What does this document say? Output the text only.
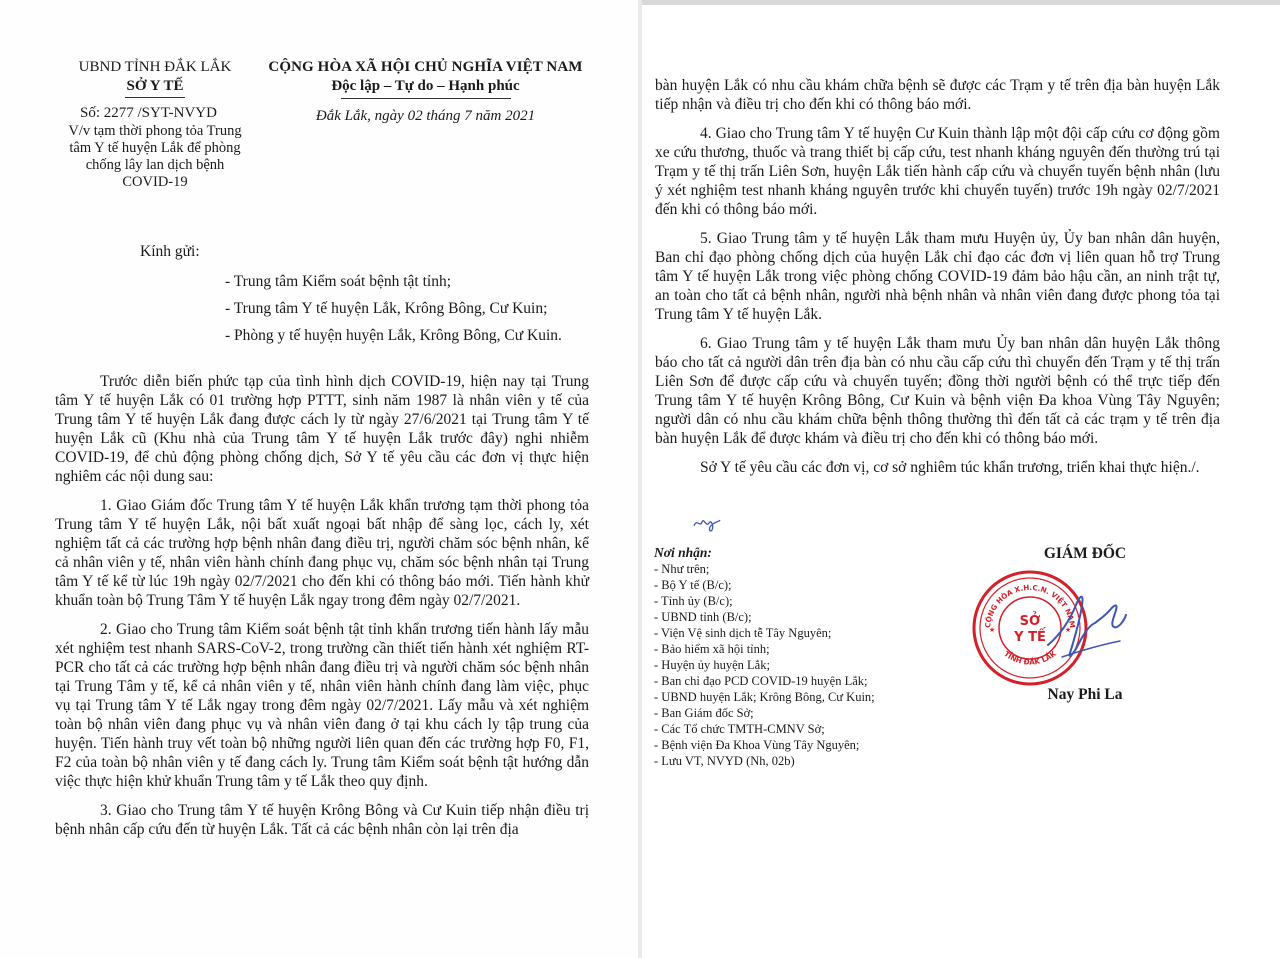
UBND TỈNH ĐẮK LẮK
SỞ Y TẾ
Số: 2277 /SYT-NVYD
V/v tạm thời phong tỏa Trung
tâm Y tế huyện Lắk để phòng
chống lây lan dịch bệnh
COVID-19
CỘNG HÒA XÃ HỘI CHỦ NGHĨA VIỆT NAM
Độc lập – Tự do – Hạnh phúc
Đắk Lắk, ngày 02 tháng 7 năm 2021
Kính gửi:
- Trung tâm Kiểm soát bệnh tật tỉnh;
- Trung tâm Y tế huyện Lắk, Krông Bông, Cư Kuin;
- Phòng y tế huyện huyện Lắk, Krông Bông, Cư Kuin.

Trước diễn biến phức tạp của tình hình dịch COVID-19, hiện nay tại Trung tâm Y tế huyện Lắk có 01 trường hợp PTTT, sinh năm 1987 là nhân viên y tế của Trung tâm Y tế huyện Lắk đang được cách ly từ ngày 27/6/2021 tại Trung tâm Y tế huyện Lắk cũ (Khu nhà của Trung tâm Y tế huyện Lắk trước đây) nghi nhiễm COVID-19, để chủ động phòng chống dịch, Sở Y tế yêu cầu các đơn vị thực hiện nghiêm các nội dung sau:

1. Giao Giám đốc Trung tâm Y tế huyện Lắk khẩn trương tạm thời phong tỏa Trung tâm Y tế huyện Lắk, nội bất xuất ngoại bất nhập để sàng lọc, cách ly, xét nghiệm tất cả các trường hợp bệnh nhân đang điều trị, người chăm sóc bệnh nhân, kể cả nhân viên y tế, nhân viên hành chính đang phục vụ, chăm sóc bệnh nhân tại Trung tâm Y tế kể từ lúc 19h ngày 02/7/2021 cho đến khi có thông báo mới. Tiến hành khử khuẩn toàn bộ Trung Tâm Y tế huyện Lắk ngay trong đêm ngày 02/7/2021.

2. Giao cho Trung tâm Kiểm soát bệnh tật tỉnh khẩn trương tiến hành lấy mẫu xét nghiệm test nhanh SARS-CoV-2, trong trường cần thiết tiến hành xét nghiệm RT-PCR cho tất cả các trường hợp bệnh nhân đang điều trị và người chăm sóc bệnh nhân tại Trung Tâm y tế, kể cả nhân viên y tế, nhân viên hành chính đang làm việc, phục vụ tại Trung tâm Y tế Lắk ngay trong đêm ngày 02/7/2021. Lấy mẫu và xét nghiệm toàn bộ nhân viên đang phục vụ và nhân viên đang ở tại khu cách ly tập trung của huyện. Tiến hành truy vết toàn bộ những người liên quan đến các trường hợp F0, F1, F2 của toàn bộ nhân viên y tế đang cách ly. Trung tâm Kiểm soát bệnh tật hướng dẫn việc thực hiện khử khuẩn Trung tâm y tế Lắk theo quy định.

3. Giao cho Trung tâm Y tế huyện Krông Bông và Cư Kuin tiếp nhận điều trị bệnh nhân cấp cứu đến từ huyện Lắk. Tất cả các bệnh nhân còn lại trên địa

bàn huyện Lắk có nhu cầu khám chữa bệnh sẽ được các Trạm y tế trên địa bàn huyện Lắk tiếp nhận và điều trị cho đến khi có thông báo mới.

4. Giao cho Trung tâm Y tế huyện Cư Kuin thành lập một đội cấp cứu cơ động gồm xe cứu thương, thuốc và trang thiết bị cấp cứu, test nhanh kháng nguyên đến thường trú tại Trạm y tế thị trấn Liên Sơn, huyện Lắk tiến hành cấp cứu và chuyển tuyến bệnh nhân (lưu ý xét nghiệm test nhanh kháng nguyên trước khi chuyển tuyến) trước 19h ngày 02/7/2021 đến khi có thông báo mới.

5. Giao Trung tâm y tế huyện Lắk tham mưu Huyện ủy, Ủy ban nhân dân huyện, Ban chỉ đạo phòng chống dịch của huyện Lắk chỉ đạo các đơn vị liên quan hỗ trợ Trung tâm Y tế huyện Lắk trong việc phòng chống COVID-19 đảm bảo hậu cần, an ninh trật tự, an toàn cho tất cả bệnh nhân, người nhà bệnh nhân và nhân viên đang được phong tỏa tại Trung tâm Y tế huyện Lắk.

6. Giao Trung tâm y tế huyện Lắk tham mưu Ủy ban nhân dân huyện Lắk thông báo cho tất cả người dân trên địa bàn có nhu cầu cấp cứu thì chuyển đến Trạm y tế thị trấn Liên Sơn để được cấp cứu và chuyển tuyến; đồng thời người bệnh có thể trực tiếp đến Trung tâm Y tế huyện Krông Bông, Cư Kuin và bệnh viện Đa khoa Vùng Tây Nguyên; người dân có nhu cầu khám chữa bệnh thông thường thì đến tất cả các trạm y tế trên địa bàn huyện Lắk để được khám và điều trị cho đến khi có thông báo mới.

Sở Y tế yêu cầu các đơn vị, cơ sở nghiêm túc khẩn trương, triển khai thực hiện./.

Nơi nhận:
- Như trên;
- Bộ Y tế (B/c);
- Tỉnh ủy (B/c);
- UBND tỉnh (B/c);
- Viện Vệ sinh dịch tễ Tây Nguyên;
- Bảo hiểm xã hội tỉnh;
- Huyện ủy huyện Lắk;
- Ban chỉ đạo PCD COVID-19 huyện Lắk;
- UBND huyện Lắk; Krông Bông, Cư Kuin;
- Ban Giám đốc Sở;
- Các Tổ chức TMTH-CMNV Sở;
- Bệnh viện Đa Khoa Vùng Tây Nguyên;
- Lưu VT, NVYD (Nh, 02b)
GIÁM ĐỐC
CỘNG HÒA X.H.C.N. VIỆT NAM
TỈNH ĐẮK LẮK
SỞ
Y TẾ
★	★
Nay Phi La
